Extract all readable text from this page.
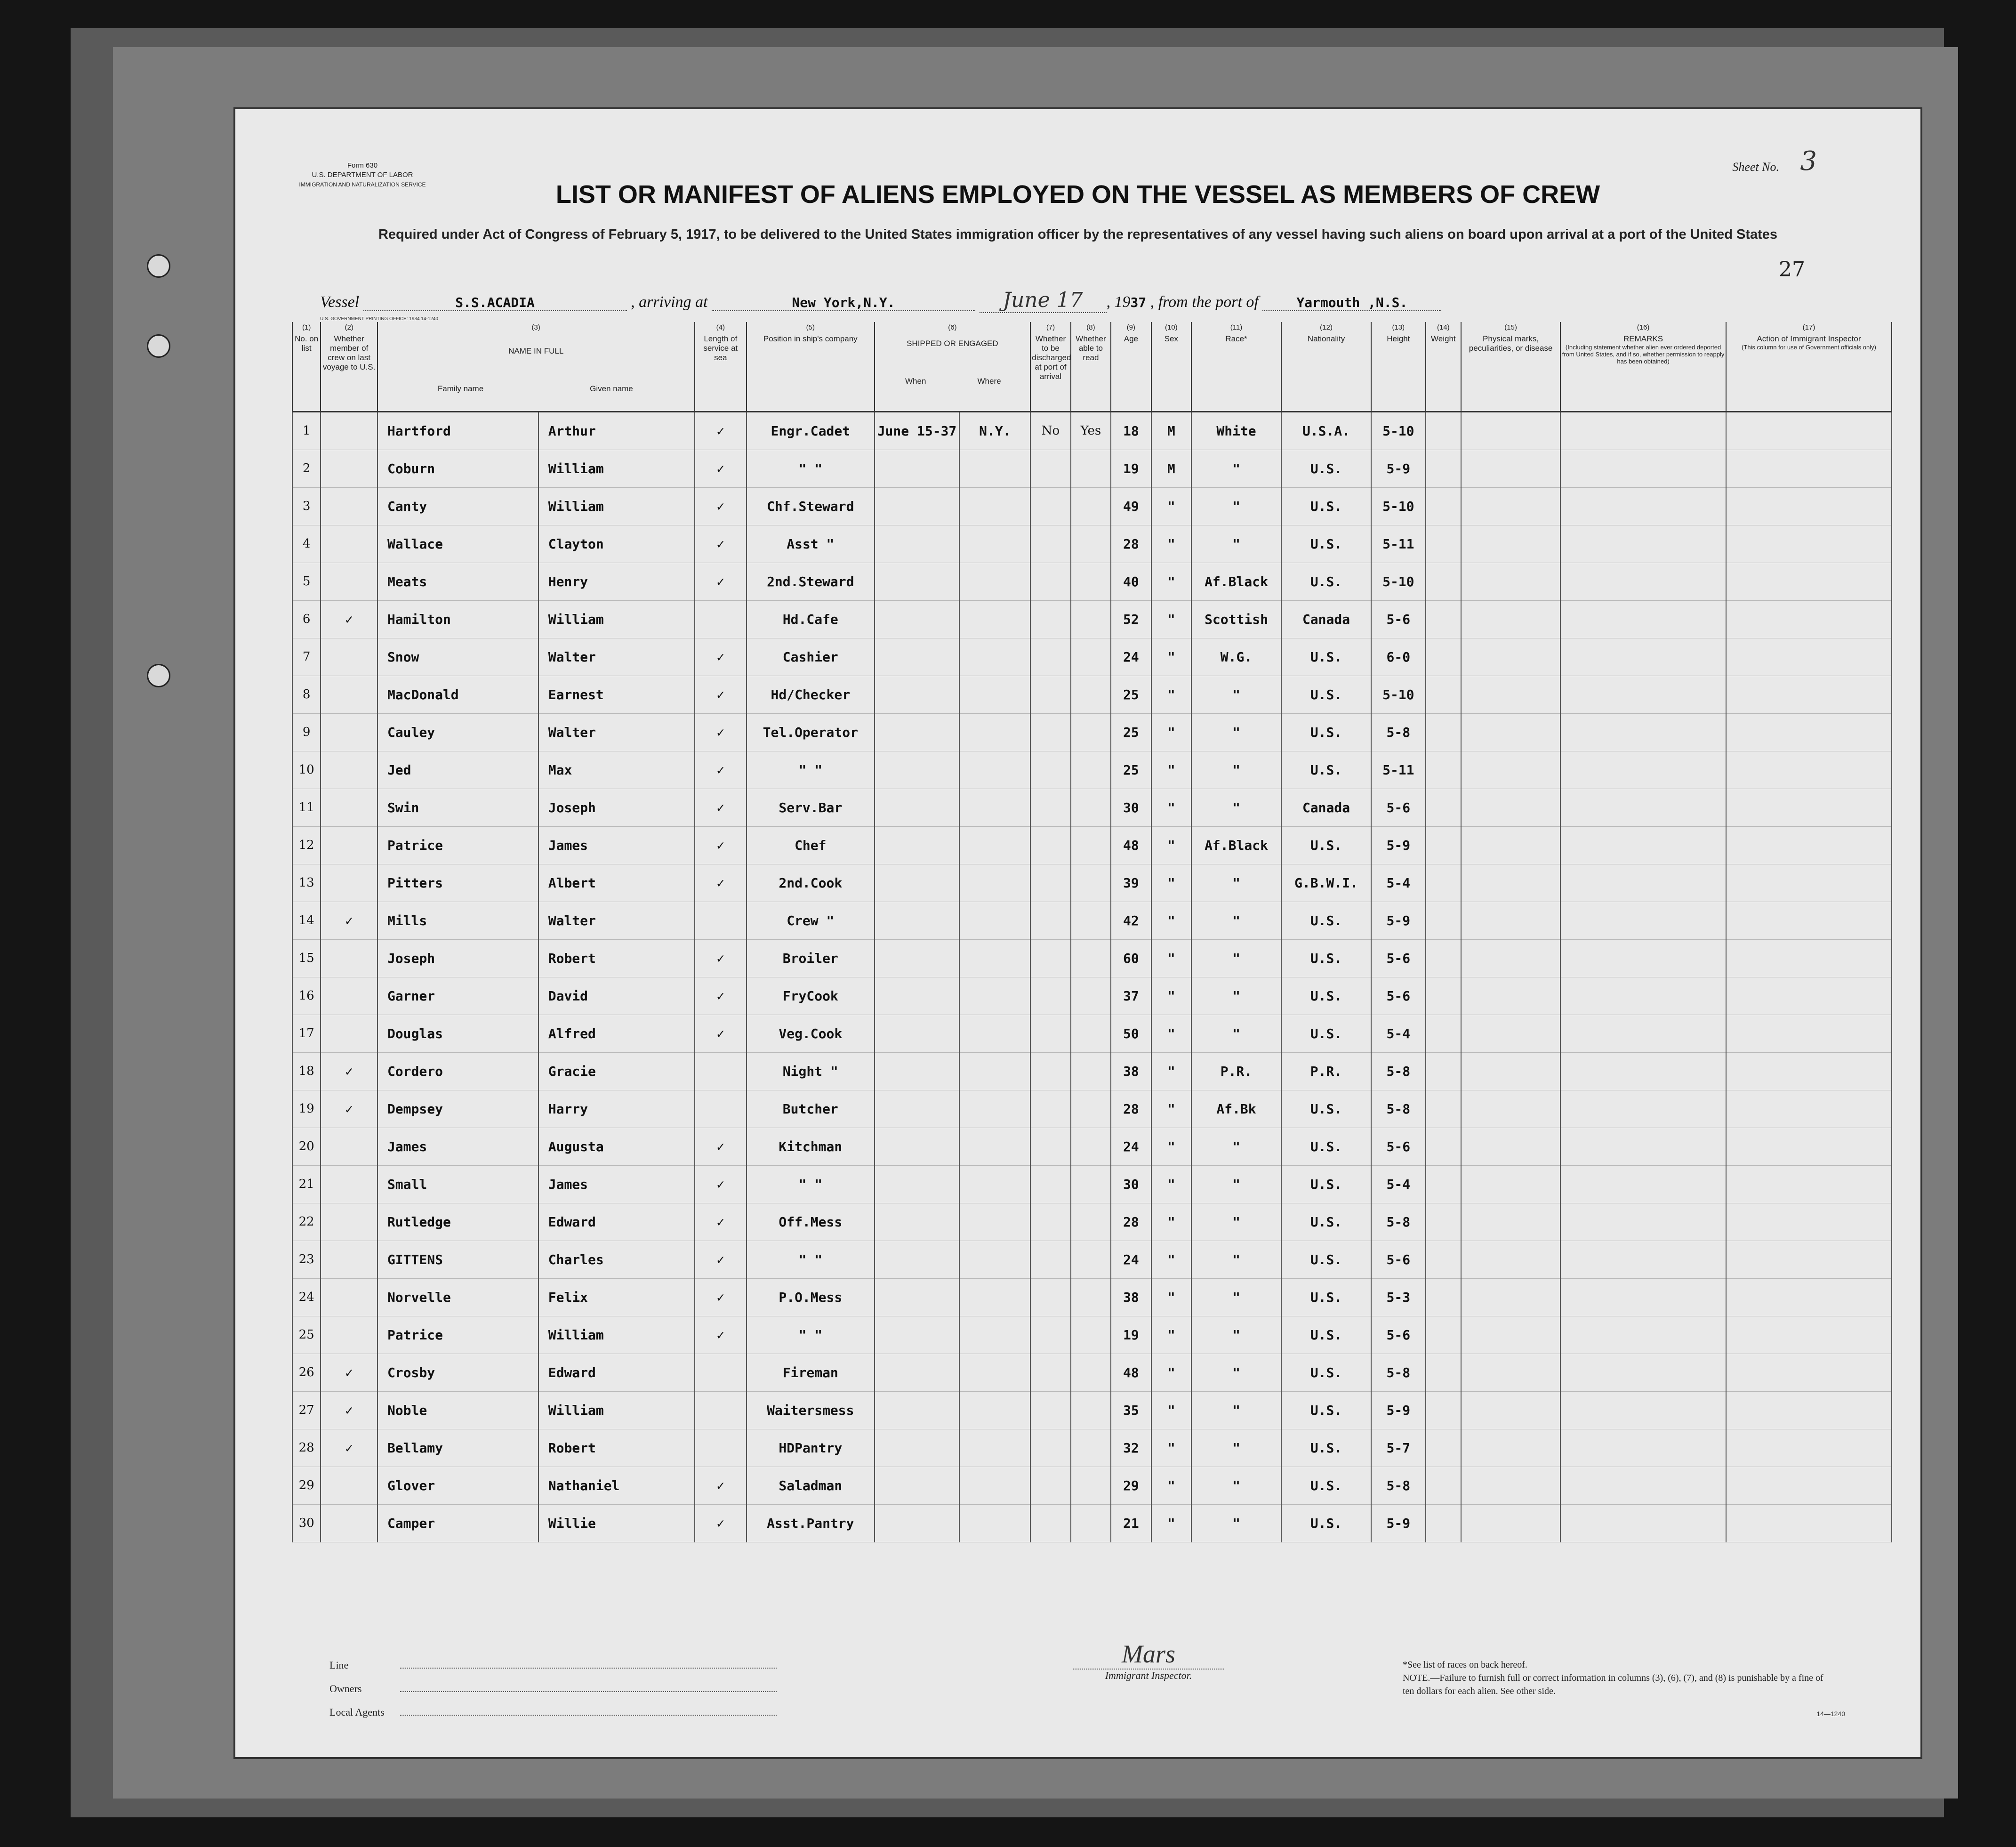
Form 630
U.S. DEPARTMENT OF LABOR
IMMIGRATION AND NATURALIZATION SERVICE
Sheet No. 3
LIST OR MANIFEST OF ALIENS EMPLOYED ON THE VESSEL AS MEMBERS OF CREW
Required under Act of Congress of February 5, 1917, to be delivered to the United States immigration officer by the representatives of any vessel having such aliens on board upon arrival at a port of the United States
27
Vessel	S.S.ACADIA	, arriving at	New York,N.Y.	June 17 , 1937 , from the port of	Yarmouth ,N.S.
U.S. GOVERNMENT PRINTING OFFICE: 1934 14-1240
(1)
No. on list	(2)
Whether member of crew on last voyage to U.S.	(3)
NAME IN FULL
Family name Given name		(4)
Length of service at sea	(5)
Position in ship's company	(6)
SHIPPED OR ENGAGED
When Where		(7)
Whether to be discharged at port of arrival	(8)
Whether able to read	(9)
Age	(10)
Sex	(11)
Race*	(12)
Nationality	(13)
Height	(14)
Weight	(15)
Physical marks, peculiarities, or disease	(16)
REMARKS
(Including statement whether alien ever ordered deported from United States, and if so, whether permission to reapply has been obtained)	(17)
Action of Immigrant Inspector
(This column for use of Government officials only)

1		Hartford	Arthur	✓	Engr.Cadet	June 15-37	N.Y.	No	Yes	18	M	White	U.S.A.	5-10				
2		Coburn	William	✓	" "					19	M	"	U.S.	5-9				
3		Canty	William	✓	Chf.Steward					49	"	"	U.S.	5-10				
4		Wallace	Clayton	✓	Asst "					28	"	"	U.S.	5-11				
5		Meats	Henry	✓	2nd.Steward					40	"	Af.Black	U.S.	5-10				
6	✓	Hamilton	William		Hd.Cafe					52	"	Scottish	Canada	5-6				
7		Snow	Walter	✓	Cashier					24	"	W.G.	U.S.	6-0				
8		MacDonald	Earnest	✓	Hd/Checker					25	"	"	U.S.	5-10				
9		Cauley	Walter	✓	Tel.Operator					25	"	"	U.S.	5-8				
10		Jed	Max	✓	" "					25	"	"	U.S.	5-11				
11		Swin	Joseph	✓	Serv.Bar					30	"	"	Canada	5-6				
12		Patrice	James	✓	Chef					48	"	Af.Black	U.S.	5-9				
13		Pitters	Albert	✓	2nd.Cook					39	"	"	G.B.W.I.	5-4				
14	✓	Mills	Walter		Crew "					42	"	"	U.S.	5-9				
15		Joseph	Robert	✓	Broiler					60	"	"	U.S.	5-6				
16		Garner	David	✓	FryCook					37	"	"	U.S.	5-6				
17		Douglas	Alfred	✓	Veg.Cook					50	"	"	U.S.	5-4				
18	✓	Cordero	Gracie		Night "					38	"	P.R.	P.R.	5-8				
19	✓	Dempsey	Harry		Butcher					28	"	Af.Bk	U.S.	5-8				
20		James	Augusta	✓	Kitchman					24	"	"	U.S.	5-6				
21		Small	James	✓	" "					30	"	"	U.S.	5-4				
22		Rutledge	Edward	✓	Off.Mess					28	"	"	U.S.	5-8				
23		GITTENS	Charles	✓	" "					24	"	"	U.S.	5-6				
24		Norvelle	Felix	✓	P.O.Mess					38	"	"	U.S.	5-3				
25		Patrice	William	✓	" "					19	"	"	U.S.	5-6				
26	✓	Crosby	Edward		Fireman					48	"	"	U.S.	5-8				
27	✓	Noble	William		Waitersmess					35	"	"	U.S.	5-9				
28	✓	Bellamy	Robert		HDPantry					32	"	"	U.S.	5-7				
29		Glover	Nathaniel	✓	Saladman					29	"	"	U.S.	5-8				
30		Camper	Willie	✓	Asst.Pantry					21	"	"	U.S.	5-9				
Line
Owners
Local Agents
Mars
Immigrant Inspector.
*See list of races on back hereof.
NOTE.—Failure to furnish full or correct information in columns (3), (6), (7), and (8) is punishable by a fine of ten dollars for each alien. See other side.
14—1240
